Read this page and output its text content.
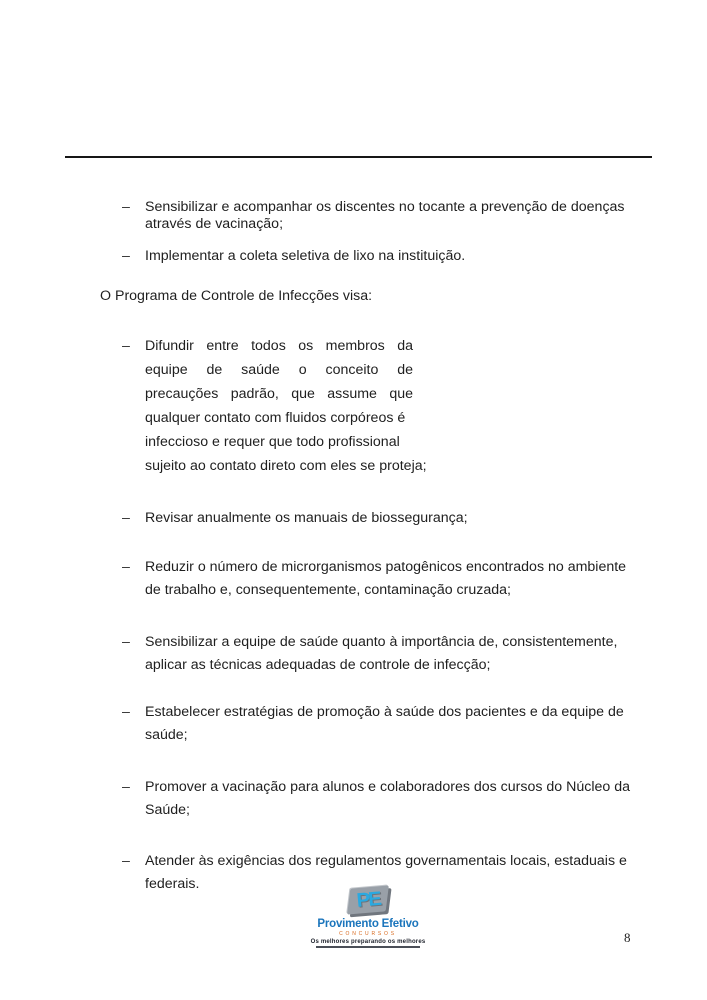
–	Sensibilizar e acompanhar os discentes no tocante a prevenção de doenças
através de vacinação;
–	Implementar a coleta seletiva de lixo na instituição.
O Programa de Controle de Infecções visa:
–	Difundir entre todos os membros da
equipe de saúde o conceito de
precauções padrão, que assume que
qualquer contato com fluidos corpóreos é
infeccioso e requer que todo profissional
sujeito ao contato direto com eles se proteja;
–	Revisar anualmente os manuais de biossegurança;
–	Reduzir o número de microrganismos patogênicos encontrados no ambiente
de trabalho e, consequentemente, contaminação cruzada;
–	Sensibilizar a equipe de saúde quanto à importância de, consistentemente,
aplicar as técnicas adequadas de controle de infecção;
–	Estabelecer estratégias de promoção à saúde dos pacientes e da equipe de
saúde;
–	Promover a vacinação para alunos e colaboradores dos cursos do Núcleo da
Saúde;
–	Atender às exigências dos regulamentos governamentais locais, estaduais e
federais.
PE
Provimento Efetivo
CONCURSOS
Os melhores preparando os melhores	8
